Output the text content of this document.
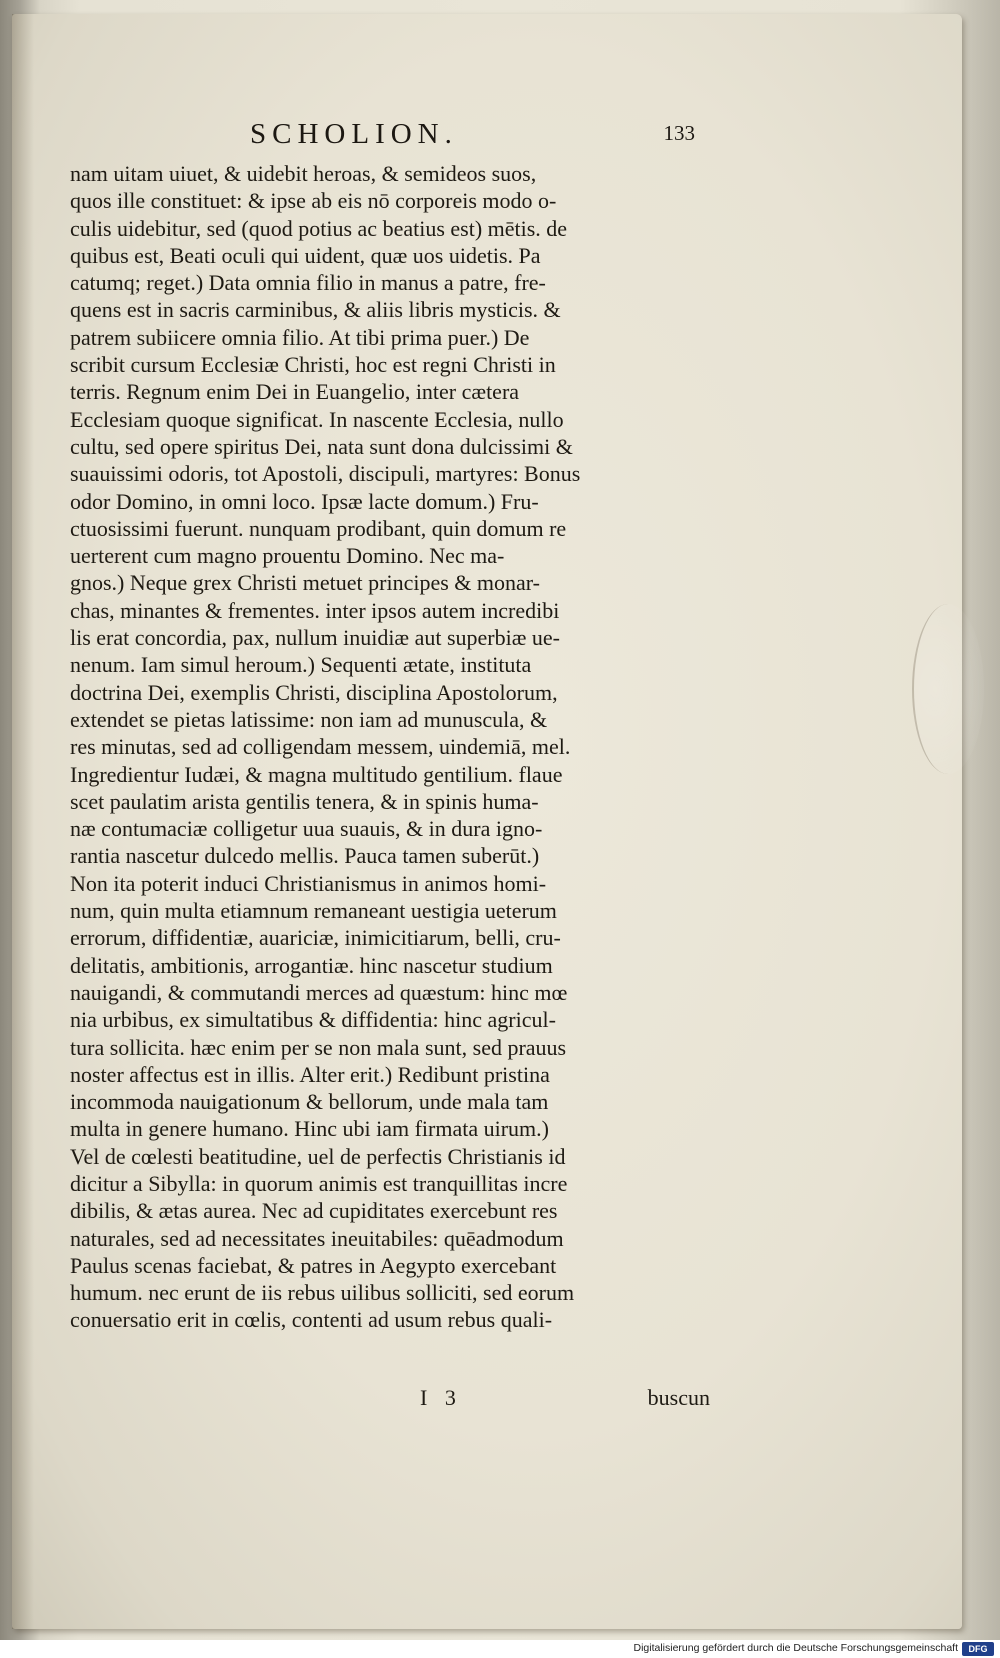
SCHOLION.	133
nam uitam uiuet, & uidebit heroas, & semideos suos,
quos ille constituet: & ipse ab eis nō corporeis modo o-
culis uidebitur, sed (quod potius ac beatius est) mētis. de
quibus est, Beati oculi qui uident, quæ uos uidetis. Pa
catumq; reget.) Data omnia filio in manus a patre, fre-
quens est in sacris carminibus, & aliis libris mysticis. &
patrem subiicere omnia filio. At tibi prima puer.) De
scribit cursum Ecclesiæ Christi, hoc est regni Christi in
terris. Regnum enim Dei in Euangelio, inter cætera
Ecclesiam quoque significat. In nascente Ecclesia, nullo
cultu, sed opere spiritus Dei, nata sunt dona dulcissimi &
suauissimi odoris, tot Apostoli, discipuli, martyres: Bonus
odor Domino, in omni loco. Ipsæ lacte domum.) Fru-
ctuosissimi fuerunt. nunquam prodibant, quin domum re
uerterent cum magno prouentu Domino. Nec ma-
gnos.) Neque grex Christi metuet principes & monar-
chas, minantes & frementes. inter ipsos autem incredibi
lis erat concordia, pax, nullum inuidiæ aut superbiæ ue-
nenum. Iam simul heroum.) Sequenti ætate, instituta
doctrina Dei, exemplis Christi, disciplina Apostolorum,
extendet se pietas latissime: non iam ad munuscula, &
res minutas, sed ad colligendam messem, uindemiā, mel.
Ingredientur Iudæi, & magna multitudo gentilium. flaue
scet paulatim arista gentilis tenera, & in spinis huma-
næ contumaciæ colligetur uua suauis, & in dura igno-
rantia nascetur dulcedo mellis. Pauca tamen suberūt.)
Non ita poterit induci Christianismus in animos homi-
num, quin multa etiamnum remaneant uestigia ueterum
errorum, diffidentiæ, auariciæ, inimicitiarum, belli, cru-
delitatis, ambitionis, arrogantiæ. hinc nascetur studium
nauigandi, & commutandi merces ad quæstum: hinc mœ
nia urbibus, ex simultatibus & diffidentia: hinc agricul-
tura sollicita. hæc enim per se non mala sunt, sed prauus
noster affectus est in illis. Alter erit.) Redibunt pristina
incommoda nauigationum & bellorum, unde mala tam
multa in genere humano. Hinc ubi iam firmata uirum.)
Vel de cœlesti beatitudine, uel de perfectis Christianis id
dicitur a Sibylla: in quorum animis est tranquillitas incre
dibilis, & ætas aurea. Nec ad cupiditates exercebunt res
naturales, sed ad necessitates ineuitabiles: quēadmodum
Paulus scenas faciebat, & patres in Aegypto exercebant
humum. nec erunt de iis rebus uilibus solliciti, sed eorum
conuersatio erit in cœlis, contenti ad usum rebus quali-
I 3	buscun
Digitalisierung gefördert durch die Deutsche Forschungsgemeinschaft	DFG
